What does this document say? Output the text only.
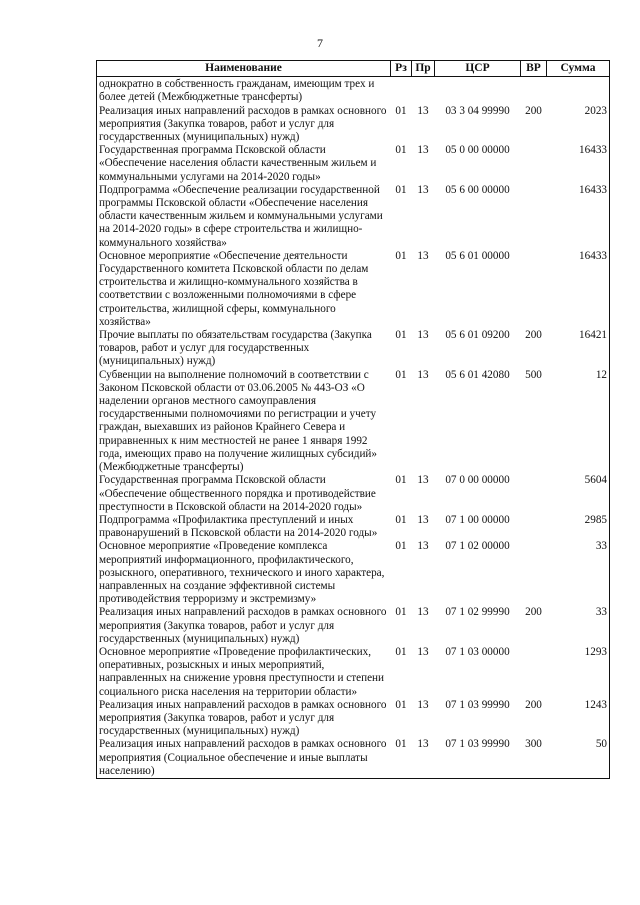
7
Наименование	Рз	Пр	ЦСР	ВР	Сумма
однократно в собственность гражданам, имеющим трех и более детей (Межбюджетные трансферты)					
Реализация иных направлений расходов в рамках основного мероприятия (Закупка товаров, работ и услуг для государственных (муниципальных) нужд)	01	13	03 3 04 99990	200	2023
Государственная программа Псковской области «Обеспечение населения области качественным жильем и коммунальными услугами на 2014-2020 годы»	01	13	05 0 00 00000		16433
Подпрограмма «Обеспечение реализации государственной программы Псковской области «Обеспечение населения области качественным жильем и коммунальными услугами на 2014-2020 годы» в сфере строительства и жилищно-коммунального хозяйства»	01	13	05 6 00 00000		16433
Основное мероприятие «Обеспечение деятельности Государственного комитета Псковской области по делам строительства и жилищно-коммунального хозяйства в соответствии с возложенными полномочиями в сфере строительства, жилищной сферы, коммунального хозяйства»	01	13	05 6 01 00000		16433
Прочие выплаты по обязательствам государства (Закупка товаров, работ и услуг для государственных (муниципальных) нужд)	01	13	05 6 01 09200	200	16421
Субвенции на выполнение полномочий в соответствии с Законом Псковской области от 03.06.2005 № 443-ОЗ «О наделении органов местного самоуправления государственными полномочиями по регистрации и учету граждан, выехавших из районов Крайнего Севера и приравненных к ним местностей не ранее 1 января 1992 года, имеющих право на получение жилищных субсидий» (Межбюджетные трансферты)	01	13	05 6 01 42080	500	12
Государственная программа Псковской области «Обеспечение общественного порядка и противодействие преступности в Псковской области на 2014-2020 годы»	01	13	07 0 00 00000		5604
Подпрограмма «Профилактика преступлений и иных правонарушений в Псковской области на 2014-2020 годы»	01	13	07 1 00 00000		2985
Основное мероприятие «Проведение комплекса мероприятий информационного, профилактического, розыскного, оперативного, технического и иного характера, направленных на создание эффективной системы противодействия терроризму и экстремизму»	01	13	07 1 02 00000		33
Реализация иных направлений расходов в рамках основного мероприятия (Закупка товаров, работ и услуг для государственных (муниципальных) нужд)	01	13	07 1 02 99990	200	33
Основное мероприятие «Проведение профилактических, оперативных, розыскных и иных мероприятий, направленных на снижение уровня преступности и степени социального риска населения на территории области»	01	13	07 1 03 00000		1293
Реализация иных направлений расходов в рамках основного мероприятия (Закупка товаров, работ и услуг для государственных (муниципальных) нужд)	01	13	07 1 03 99990	200	1243
Реализация иных направлений расходов в рамках основного мероприятия (Социальное обеспечение и иные выплаты населению)	01	13	07 1 03 99990	300	50
